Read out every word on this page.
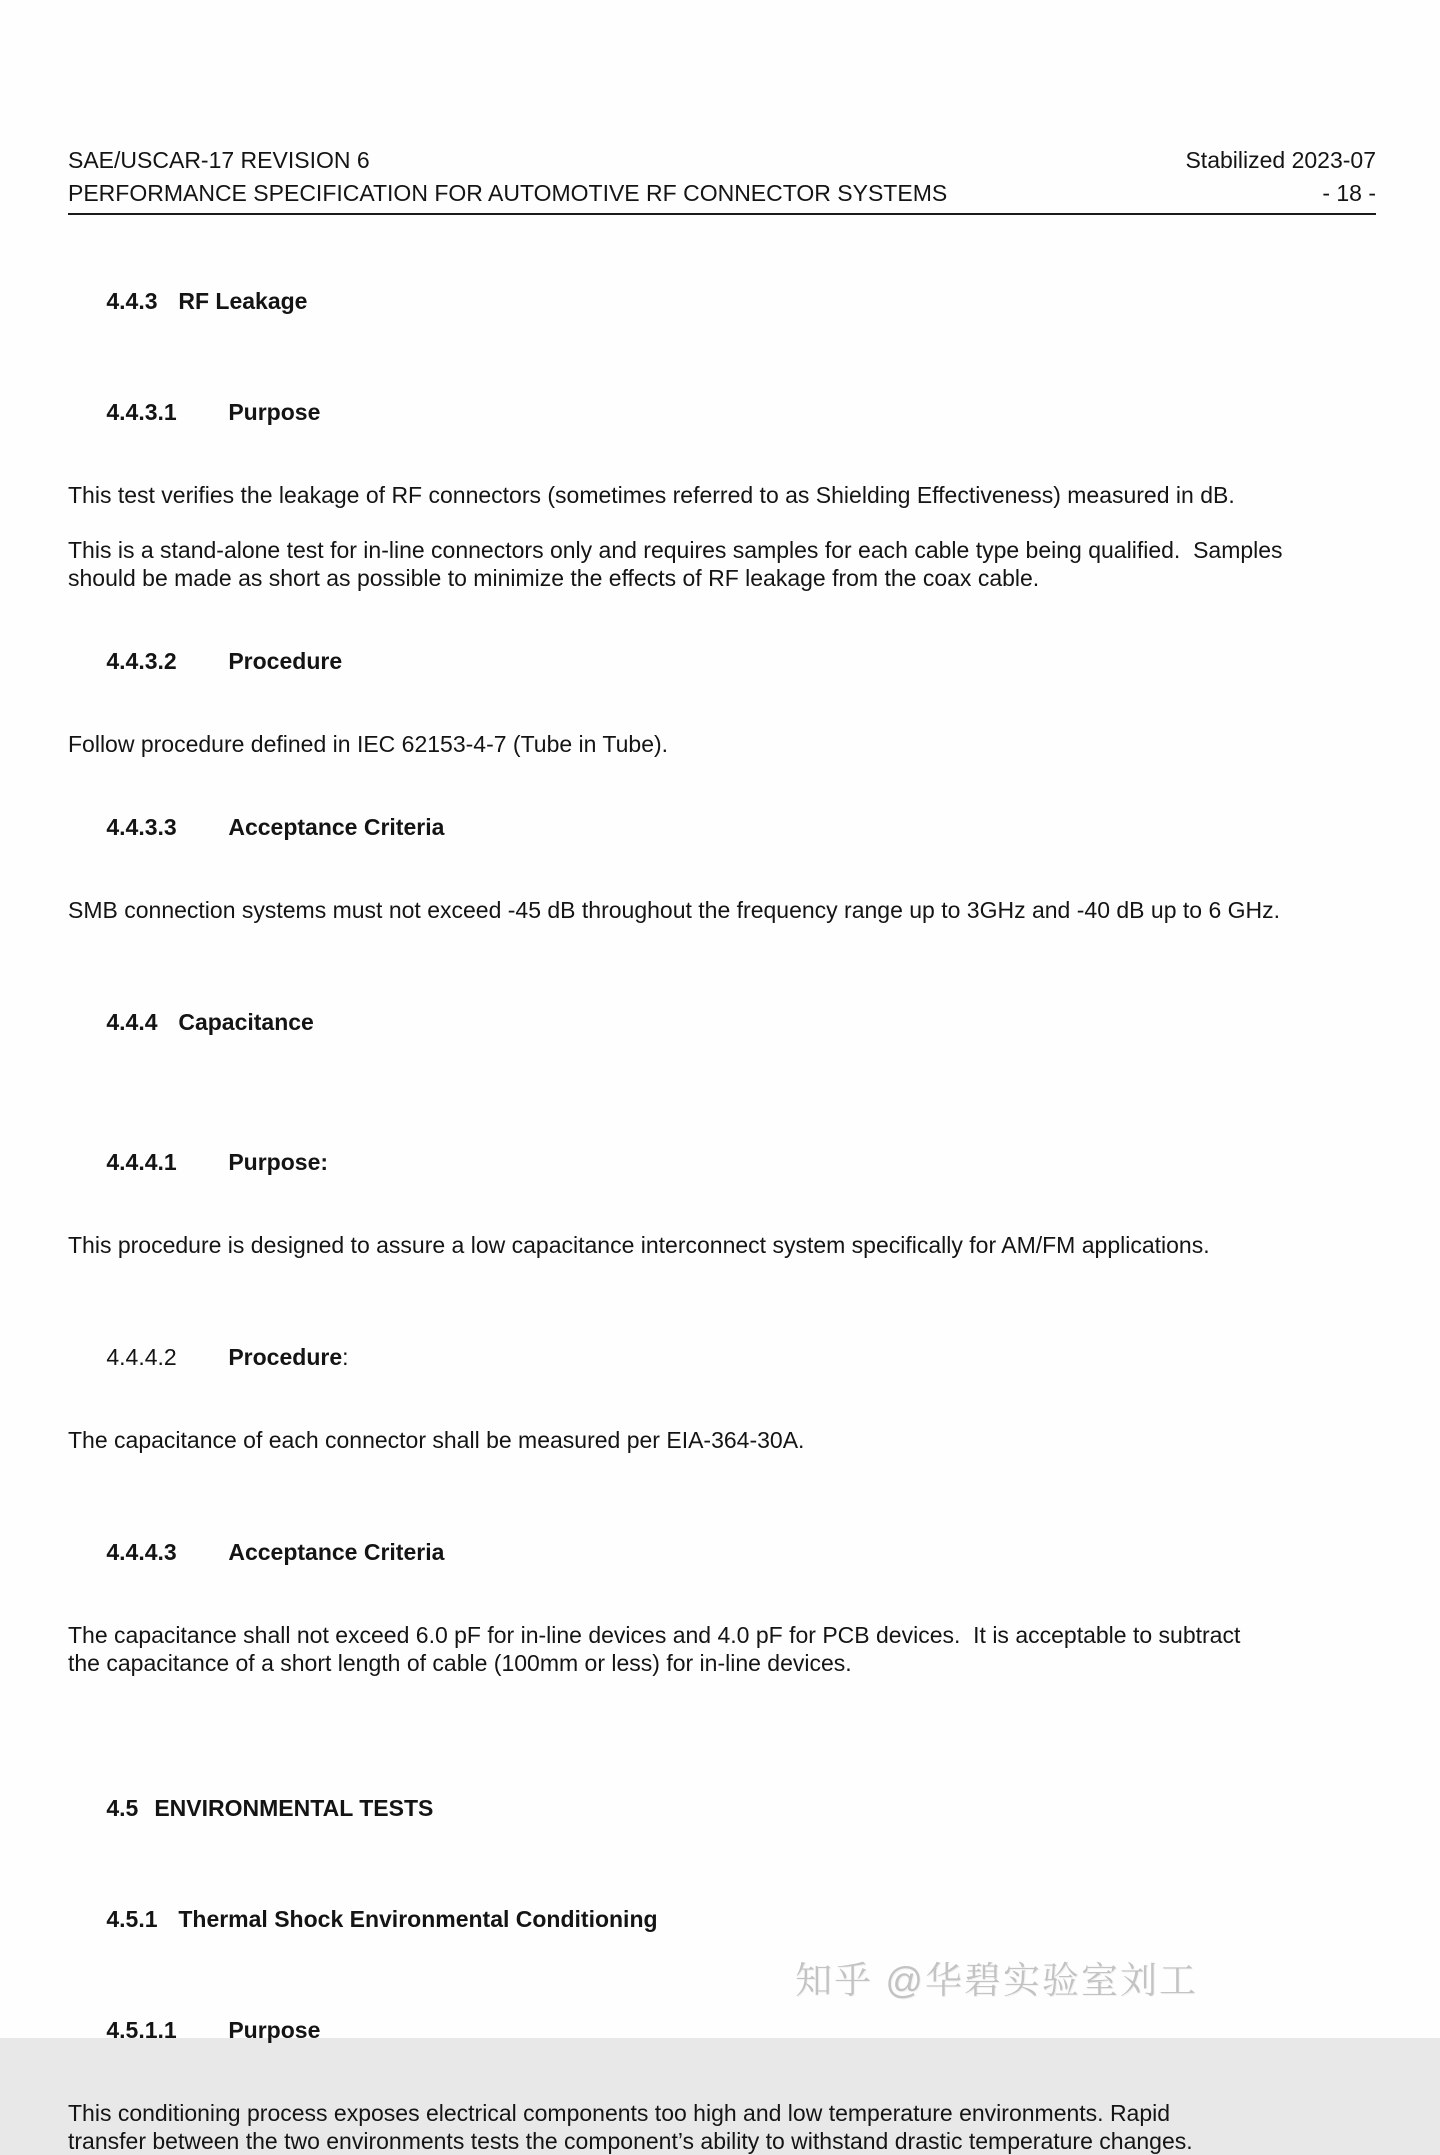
SAE/USCAR-17 REVISION 6	Stabilized 2023-07
PERFORMANCE SPECIFICATION FOR AUTOMOTIVE RF CONNECTOR SYSTEMS	- 18 -

4.4.3 RF Leakage

4.4.3.1 Purpose

This test verifies the leakage of RF connectors (sometimes referred to as Shielding Effectiveness) measured in dB.
This is a stand-alone test for in-line connectors only and requires samples for each cable type being qualified.  Samples
should be made as short as possible to minimize the effects of RF leakage from the coax cable.

4.4.3.2 Procedure

Follow procedure defined in IEC 62153-4-7 (Tube in Tube).

4.4.3.3 Acceptance Criteria

SMB connection systems must not exceed -45 dB throughout the frequency range up to 3GHz and -40 dB up to 6 GHz.

4.4.4 Capacitance

4.4.4.1 Purpose:

This procedure is designed to assure a low capacitance interconnect system specifically for AM/FM applications.

4.4.4.2 Procedure:

The capacitance of each connector shall be measured per EIA-364-30A.

4.4.4.3 Acceptance Criteria

The capacitance shall not exceed 6.0 pF for in-line devices and 4.0 pF for PCB devices.  It is acceptable to subtract
the capacitance of a short length of cable (100mm or less) for in-line devices.

4.5 ENVIRONMENTAL TESTS

4.5.1 Thermal Shock Environmental Conditioning

4.5.1.1 Purpose

This conditioning process exposes electrical components too high and low temperature environments. Rapid
transfer between the two environments tests the component’s ability to withstand drastic temperature changes.
知乎 @华碧实验室刘工
